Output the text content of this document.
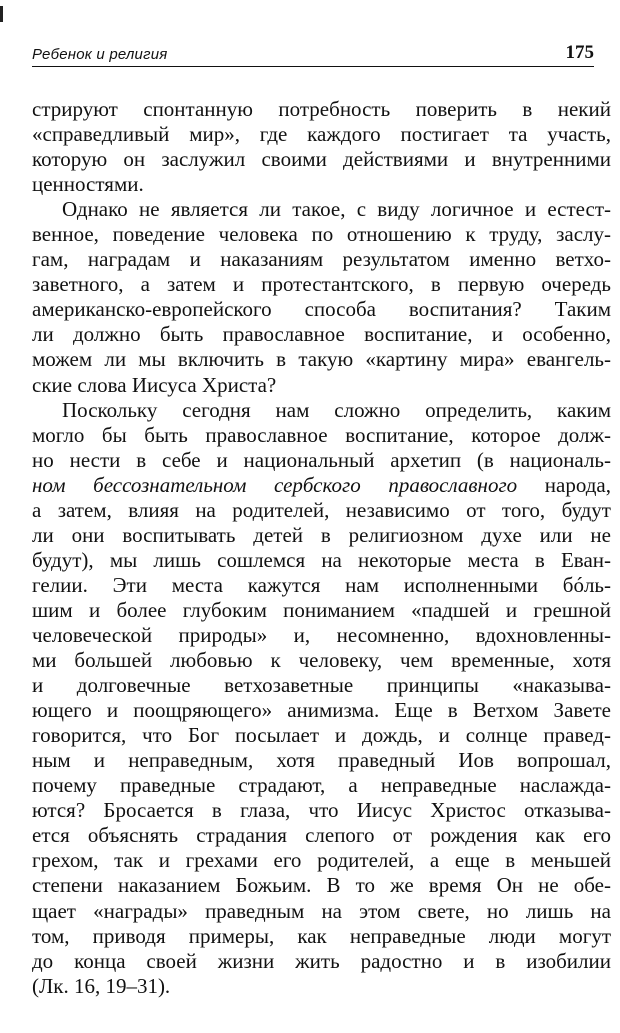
Ребенок и религия	175
стрируют спонтанную потребность поверить в некий
«справедливый мир», где каждого постигает та участь,
которую он заслужил своими действиями и внутренними
ценностями.
Однако не является ли такое, с виду логичное и естест-
венное, поведение человека по отношению к труду, заслу-
гам, наградам и наказаниям результатом именно ветхо-
заветного, а затем и протестантского, в первую очередь
американско-европейского способа воспитания? Таким
ли должно быть православное воспитание, и особенно,
можем ли мы включить в такую «картину мира» евангель-
ские слова Иисуса Христа?
Поскольку сегодня нам сложно определить, каким
могло бы быть православное воспитание, которое долж-
но нести в себе и национальный архетип (в националь-
ном бессознательном сербского православного народа,
а затем, влияя на родителей, независимо от того, будут
ли они воспитывать детей в религиозном духе или не
будут), мы лишь сошлемся на некоторые места в Еван-
гелии. Эти места кажутся нам исполненными бóль-
шим и более глубоким пониманием «падшей и грешной
человеческой природы» и, несомненно, вдохновленны-
ми большей любовью к человеку, чем временные, хотя
и долговечные ветхозаветные принципы «наказыва-
ющего и поощряющего» анимизма. Еще в Ветхом Завете
говорится, что Бог посылает и дождь, и солнце правед-
ным и неправедным, хотя праведный Иов вопрошал,
почему праведные страдают, а неправедные наслажда-
ются? Бросается в глаза, что Иисус Христос отказыва-
ется объяснять страдания слепого от рождения как его
грехом, так и грехами его родителей, а еще в меньшей
степени наказанием Божьим. В то же время Он не обе-
щает «награды» праведным на этом свете, но лишь на
том, приводя примеры, как неправедные люди могут
до конца своей жизни жить радостно и в изобилии
(Лк. 16, 19–31).
